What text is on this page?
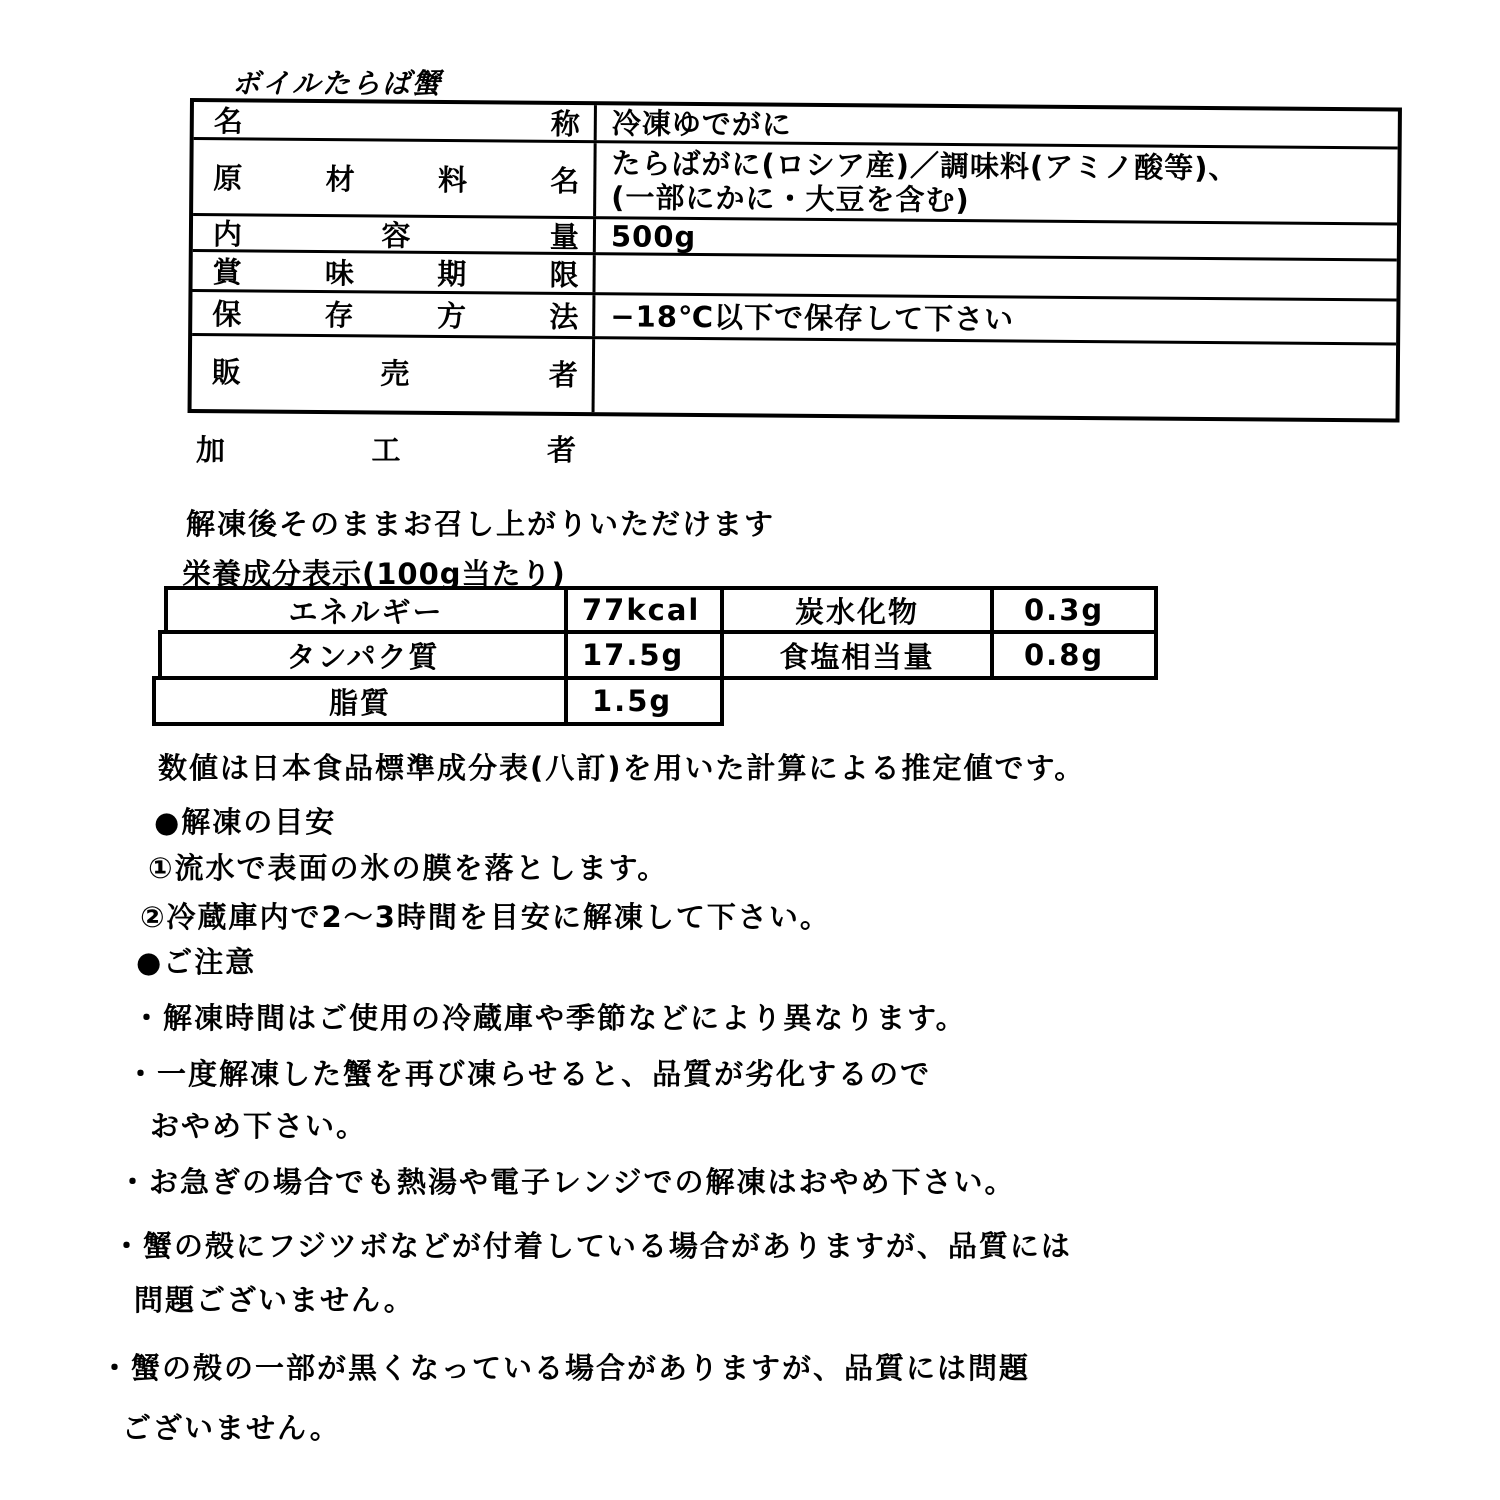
ボイルたらば蟹
名	称 冷凍ゆでがに
原	材	料	名 たらばがに(ロシア産)／調味料(アミノ酸等)、
(一部にかに・大豆を含む)
内	容	量 500g
賞	味	期	限
保	存	方	法 −18℃以下で保存して下さい
販	売	者
加	工	者
解凍後そのままお召し上がりいただけます
栄養成分表示(100g当たり)
エネルギー	77kcal	炭水化物	0.3g
タンパク質	17.5g	食塩相当量	0.8g
脂質	1.5g
数値は日本食品標準成分表(八訂)を用いた計算による推定値です。
●解凍の目安
①流水で表面の氷の膜を落とします。
②冷蔵庫内で2～3時間を目安に解凍して下さい。
●ご注意
・解凍時間はご使用の冷蔵庫や季節などにより異なります。
・一度解凍した蟹を再び凍らせると、品質が劣化するので
おやめ下さい。
・お急ぎの場合でも熱湯や電子レンジでの解凍はおやめ下さい。
・蟹の殻にフジツボなどが付着している場合がありますが、品質には
問題ございません。
・蟹の殻の一部が黒くなっている場合がありますが、品質には問題
ございません。
